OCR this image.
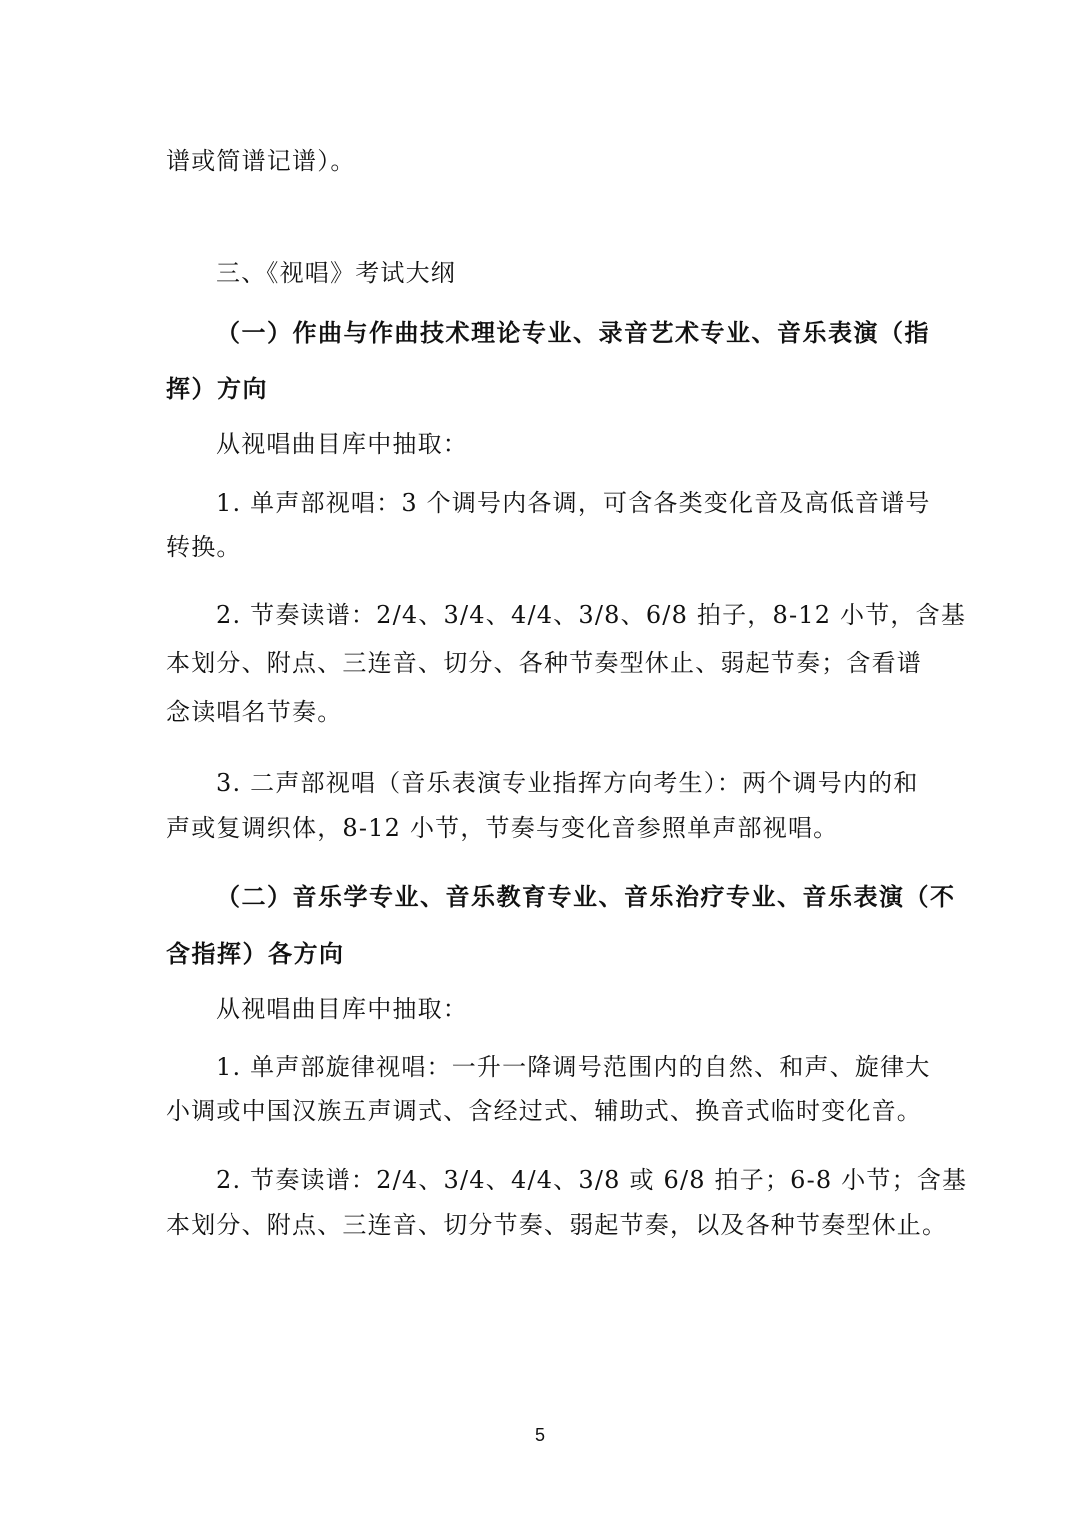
谱或简谱记谱）。
三、《视唱》考试大纲
（一）作曲与作曲技术理论专业、录音艺术专业、音乐表演（指
挥）方向
从视唱曲目库中抽取：
1. 单声部视唱：3 个调号内各调，可含各类变化音及高低音谱号
转换。
2. 节奏读谱：2/4、3/4、4/4、3/8、6/8 拍子，8-12 小节，含基
本划分、附点、三连音、切分、各种节奏型休止、弱起节奏；含看谱
念读唱名节奏。
3. 二声部视唱（音乐表演专业指挥方向考生）：两个调号内的和
声或复调织体，8-12 小节，节奏与变化音参照单声部视唱。
（二）音乐学专业、音乐教育专业、音乐治疗专业、音乐表演（不
含指挥）各方向
从视唱曲目库中抽取：
1. 单声部旋律视唱：一升一降调号范围内的自然、和声、旋律大
小调或中国汉族五声调式、含经过式、辅助式、换音式临时变化音。
2. 节奏读谱：2/4、3/4、4/4、3/8 或 6/8 拍子；6-8 小节；含基
本划分、附点、三连音、切分节奏、弱起节奏，以及各种节奏型休止。
5
